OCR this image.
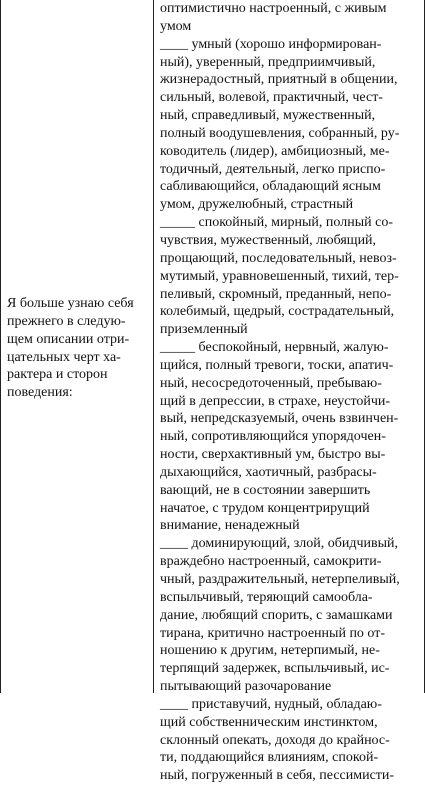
Я больше узнаю себя
прежнего в следую-
щем описании отри-
цательных черт ха-
рактера и сторон
поведения:
оптимистично настроенный, с живым
умом
____ умный (хорошо информирован-
ный), уверенный, предприимчивый,
жизнерадостный, приятный в общении,
сильный, волевой, практичный, чест-
ный, справедливый, мужественный,
полный воодушевления, собранный, ру-
ководитель (лидер), амбициозный, ме-
тодичный, деятельный, легко приспо-
сабливающийся, обладающий ясным
умом, дружелюбный, страстный
_____ спокойный, мирный, полный со-
чувствия, мужественный, любящий,
прощающий, последовательный, невоз-
мутимый, уравновешенный, тихий, тер-
пеливый, скромный, преданный, непо-
колебимый, щедрый, сострадательный,
приземленный
_____ беспокойный, нервный, жалую-
щийся, полный тревоги, тоски, апатич-
ный, несосредоточенный, пребываю-
щий в депрессии, в страхе, неустойчи-
вый, непредсказуемый, очень взвинчен-
ный, сопротивляющийся упорядочен-
ности, сверхактивный ум, быстро вы-
дыхающийся, хаотичный, разбрасы-
вающий, не в состоянии завершить
начатое, с трудом концентрирущий
внимание, ненадежный
____ доминирующий, злой, обидчивый,
враждебно настроенный, самокрити-
чный, раздражительный, нетерпеливый,
вспыльчивый, теряющий самообла-
дание, любящий спорить, с замашками
тирана, критично настроенный по от-
ношению к другим, нетерпимый, не-
терпящий задержек, вспыльчивый, ис-
пытывающий разочарование
____ приставучий, нудный, обладаю-
щий собственническим инстинктом,
склонный опекать, доходя до крайнос-
ти, поддающийся влияниям, спокой-
ный, погруженный в себя, пессимисти-
